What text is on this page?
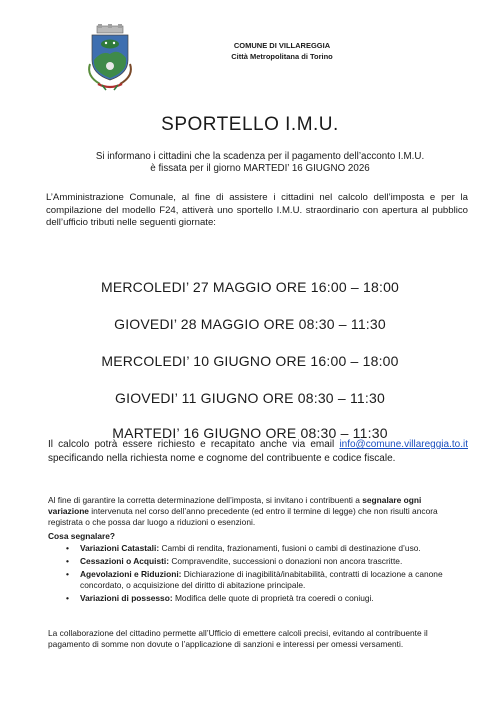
COMUNE DI VILLAREGGIA
Città Metropolitana di Torino
SPORTELLO I.M.U.
Si informano i cittadini che la scadenza per il pagamento dell’acconto I.M.U.
è fissata per il giorno MARTEDI’ 16 GIUGNO 2026
L’Amministrazione Comunale, al fine di assistere i cittadini nel calcolo dell’imposta e per la compilazione del modello F24, attiverà uno sportello I.M.U. straordinario con apertura al pubblico dell’ufficio tributi nelle seguenti giornate:
MERCOLEDI’ 27 MAGGIO ORE 16:00 – 18:00
GIOVEDI’ 28 MAGGIO ORE 08:30 – 11:30
MERCOLEDI’ 10 GIUGNO ORE 16:00 – 18:00
GIOVEDI’ 11 GIUGNO ORE 08:30 – 11:30
MARTEDI’ 16 GIUGNO ORE 08:30 – 11:30
Il calcolo potrà essere richiesto e recapitato anche via email info@comune.villareggia.to.it specificando nella richiesta nome e cognome del contribuente e codice fiscale.
Al fine di garantire la corretta determinazione dell’imposta, si invitano i contribuenti a segnalare ogni variazione intervenuta nel corso dell’anno precedente (ed entro il termine di legge) che non risulti ancora registrata o che possa dar luogo a riduzioni o esenzioni.
Cosa segnalare?
• Variazioni Catastali: Cambi di rendita, frazionamenti, fusioni o cambi di destinazione d’uso.
• Cessazioni o Acquisti: Compravendite, successioni o donazioni non ancora trascritte.
• Agevolazioni e Riduzioni: Dichiarazione di inagibilità/inabitabilità, contratti di locazione a canone concordato, o acquisizione del diritto di abitazione principale.
• Variazioni di possesso: Modifica delle quote di proprietà tra coeredi o coniugi.
La collaborazione del cittadino permette all’Ufficio di emettere calcoli precisi, evitando al contribuente il pagamento di somme non dovute o l’applicazione di sanzioni e interessi per omessi versamenti.
